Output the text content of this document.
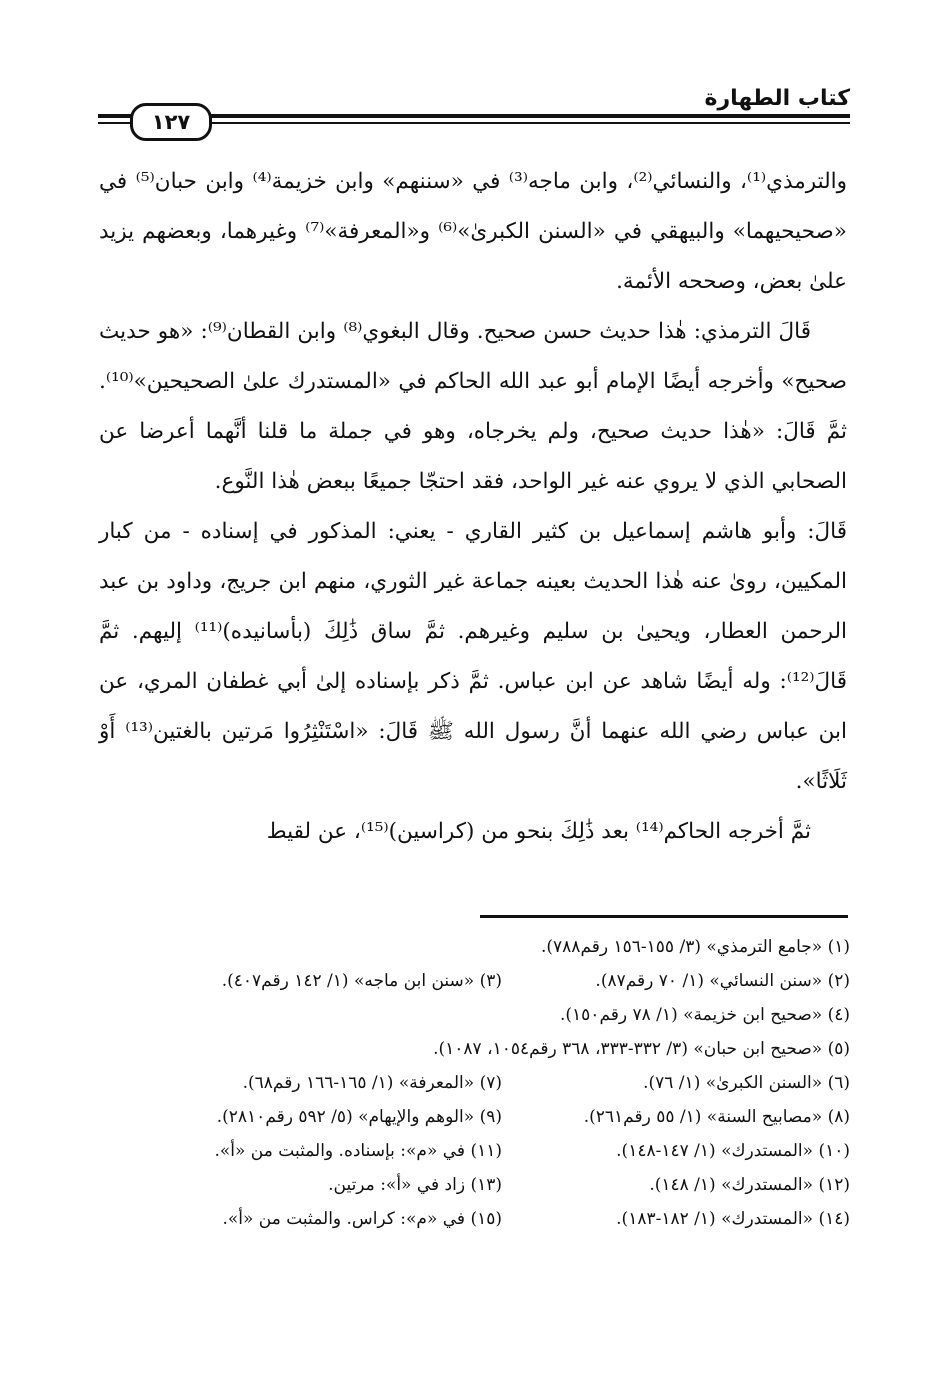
كتاب الطهارة
١٢٧

والترمذي⁽¹⁾، والنسائي⁽²⁾، وابن ماجه⁽³⁾ في «سننهم» وابن خزيمة⁽⁴⁾ وابن حبان⁽⁵⁾ في «صحيحيهما» والبيهقي في «السنن الكبرىٰ»⁽⁶⁾ و«المعرفة»⁽⁷⁾ وغيرهما، وبعضهم يزيد علىٰ بعض، وصححه الأئمة.

قَالَ الترمذي: هٰذا حديث حسن صحيح. وقال البغوي⁽⁸⁾ وابن القطان⁽⁹⁾: «هو حديث صحيح» وأخرجه أيضًا الإمام أبو عبد الله الحاكم في «المستدرك علىٰ الصحيحين»⁽¹⁰⁾. ثمَّ قَالَ: «هٰذا حديث صحيح، ولم يخرجاه، وهو في جملة ما قلنا أنَّهما أعرضا عن الصحابي الذي لا يروي عنه غير الواحد، فقد احتجّا جميعًا ببعض هٰذا النَّوع.

قَالَ: وأبو هاشم إسماعيل بن كثير القاري - يعني: المذكور في إسناده - من كبار المكيين، روىٰ عنه هٰذا الحديث بعينه جماعة غير الثوري، منهم ابن جريج، وداود بن عبد الرحمن العطار، ويحيىٰ بن سليم وغيرهم. ثمَّ ساق ذَٰلِكَ (بأسانيده)⁽¹¹⁾ إليهم. ثمَّ قَالَ⁽¹²⁾: وله أيضًا شاهد عن ابن عباس. ثمَّ ذكر بإسناده إلىٰ أبي غطفان المري، عن ابن عباس رضي الله عنهما أنَّ رسول الله ﷺ قَالَ: «اسْتَنْثِرُوا مَرتين بالغتين⁽¹³⁾ أَوْ ثَلَاثًا».

ثمَّ أخرجه الحاكم⁽¹⁴⁾ بعد ذَٰلِكَ بنحو من (كراسين)⁽¹⁵⁾، عن لقيط

(١) «جامع الترمذي» (٣/ ١٥٥-١٥٦ رقم٧٨٨).
(٢) «سنن النسائي» (١/ ٧٠ رقم٨٧).
(٣) «سنن ابن ماجه» (١/ ١٤٢ رقم٤٠٧).
(٤) «صحيح ابن خزيمة» (١/ ٧٨ رقم١٥٠).
(٥) «صحيح ابن حبان» (٣/ ٣٣٢-٣٣٣، ٣٦٨ رقم١٠٥٤، ١٠٨٧).
(٦) «السنن الكبرىٰ» (١/ ٧٦).
(٧) «المعرفة» (١/ ١٦٥-١٦٦ رقم٦٨).
(٨) «مصابيح السنة» (١/ ٥٥ رقم٢٦١).
(٩) «الوهم والإيهام» (٥/ ٥٩٢ رقم٢٨١٠).
(١٠) «المستدرك» (١/ ١٤٧-١٤٨).
(١١) في «م»: بإسناده. والمثبت من «أ».
(١٢) «المستدرك» (١/ ١٤٨).
(١٣) زاد في «أ»: مرتين.
(١٤) «المستدرك» (١/ ١٨٢-١٨٣).
(١٥) في «م»: كراس. والمثبت من «أ».
